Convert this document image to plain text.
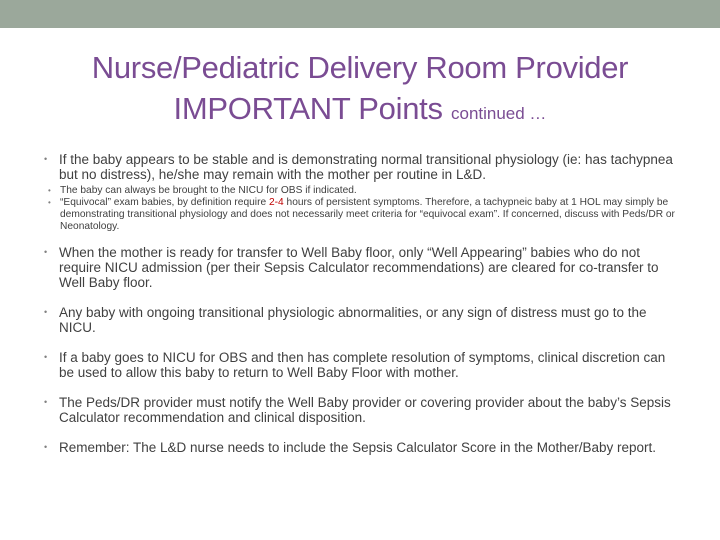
Nurse/Pediatric Delivery Room Provider
IMPORTANT Points continued …
• If the baby appears to be stable and is demonstrating normal transitional physiology (ie: has tachypnea but no distress), he/she may remain with the mother per routine in L&D.
• The baby can always be brought to the NICU for OBS if indicated.
• “Equivocal” exam babies, by definition require 2-4 hours of persistent symptoms. Therefore, a tachypneic baby at 1 HOL may simply be demonstrating transitional physiology and does not necessarily meet criteria for “equivocal exam”. If concerned, discuss with Peds/DR or Neonatology.
• When the mother is ready for transfer to Well Baby floor, only “Well Appearing” babies who do not require NICU admission (per their Sepsis Calculator recommendations) are cleared for co-transfer to Well Baby floor.
• Any baby with ongoing transitional physiologic abnormalities, or any sign of distress must go to the NICU.
• If a baby goes to NICU for OBS and then has complete resolution of symptoms, clinical discretion can be used to allow this baby to return to Well Baby Floor with mother.
• The Peds/DR provider must notify the Well Baby provider or covering provider about the baby’s Sepsis Calculator recommendation and clinical disposition.
• Remember: The L&D nurse needs to include the Sepsis Calculator Score in the Mother/Baby report.
